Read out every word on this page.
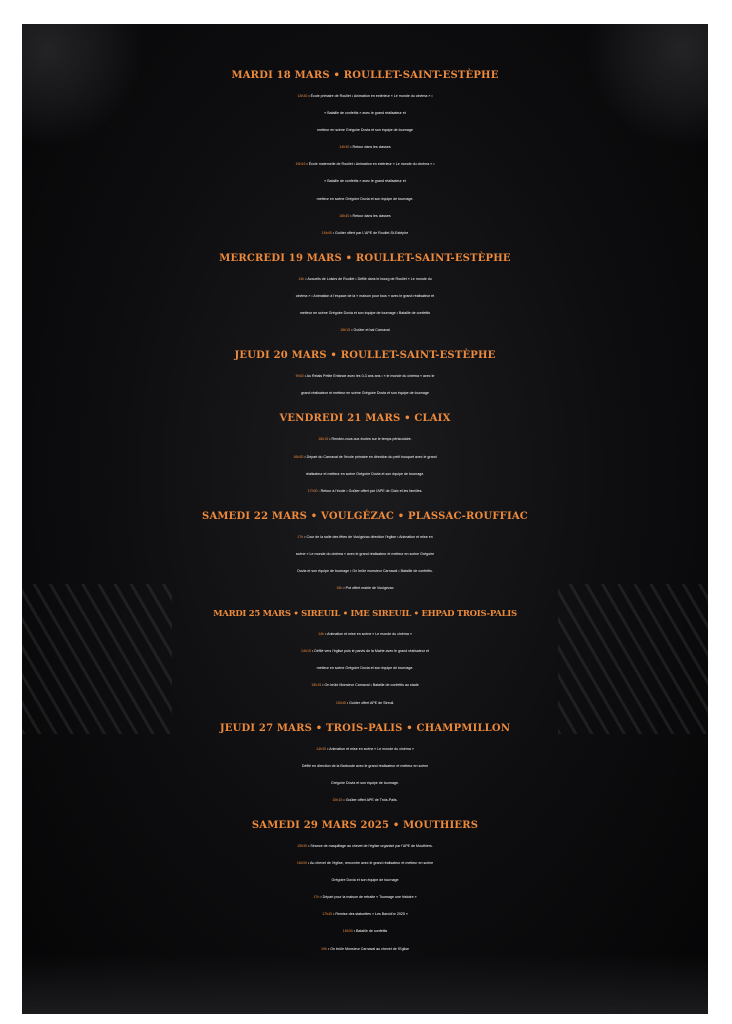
MARDI 18 MARS • ROULLET-SAINT-ESTÈPHE
13h30 • École primaire de Roullet • Animation en extérieur « Le monde du cinéma » •
« Bataille de confettis » avec le grand réalisateur et
metteur en scène Grégoire Dovia et son équipe de tournage
14h30 • Retour dans les classes
15h15 • École maternelle de Roullet • Animation en extérieur « Le monde du cinéma » •
« Bataille de confettis » avec le grand réalisateur et
metteur en scène Grégoire Dovia et son équipe de tournage.
16h30 • Retour dans les classes
16h45 • Goûter offert par L'APE de Roullet-St-Estèphe
MERCREDI 19 MARS • ROULLET-SAINT-ESTÈPHE
14h • Accueils de Loisirs de Roullet • Défilé dans le bourg de Roullet « Le monde du
cinéma » • Animation à l'espace de la « maison pour tous » avec le grand réalisateur et
metteur en scène Grégoire Dovia et son équipe de tournage • Bataille de confettis
16h15 • Goûter et bal Carnaval
JEUDI 20 MARS • ROULLET-SAINT-ESTÈPHE
9h30 • Au Relais Petite Enfance avec les 0-3 ans ans • « le monde du cinéma » avec le
grand réalisateur et metteur en scène Grégoire Dovia et son équipe de tournage
VENDREDI 21 MARS • CLAIX
16h15 • Rendez-vous aux écoles sur le temps périscolaire.
16h30 • Départ du Carnaval de l'école primaire en direction du petit bosquet avec le grand
réalisateur et metteur en scène Grégoire Dovia et son équipe de tournage.
17h30 : Retour à l'école • Goûter offert par l'APE de Claix et les familles.
SAMEDI 22 MARS • VOULGÉZAC • PLASSAC-ROUFFIAC
17h • Cour de la salle des fêtes de Voulgézac direction l'église • Animation et mise en
scène « Le monde du cinéma » avec le grand réalisateur et metteur en scène Grégoire
Dovia et son équipe de tournage • On brûle monsieur Carnaval • Bataille de confettis.
18h • Pot offert mairie de Voulgézac
MARDI 25 MARS • SIREUIL • IME SIREUIL • EHPAD TROIS-PALIS
14h • Animation et mise en scène « Le monde du cinéma »
14h15 • Défilé vers l'église puis le parvis de la Mairie avec le grand réalisateur et
metteur en scène Grégoire Dovia et son équipe de tournage.
15h15 • On brûle Monsieur Carnaval • Bataille de confettis au stade
15h45 • Goûter offert APE de Sireuil.
JEUDI 27 MARS • TROIS-PALIS • CHAMPMILLON
14h30 • Animation et mise en scène « Le monde du cinéma »
Défilé en direction de la Barboute avec le grand réalisateur et metteur en scène
Grégoire Dovia et son équipe de tournage.
15h15 • Goûter offert APE de Trois-Palis.
SAMEDI 29 MARS 2025 • MOUTHIERS
15h30 • Séance de maquillage au chevet de l'église organisé par l'APE de Mouthiers.
16h30 • Au chevet de l'église, rencontre avec le grand réalisateur et metteur en scène
Grégoire Dovia et son équipe de tournage
17h • Départ pour la maison de retraite « Tournage une histoire »
17h45 • Remise des statuettes « Les Barcid'or 2025 »
18h30 • Bataille de confettis
19h • On brûle Monsieur Carnaval au chevet de l'Eglise
